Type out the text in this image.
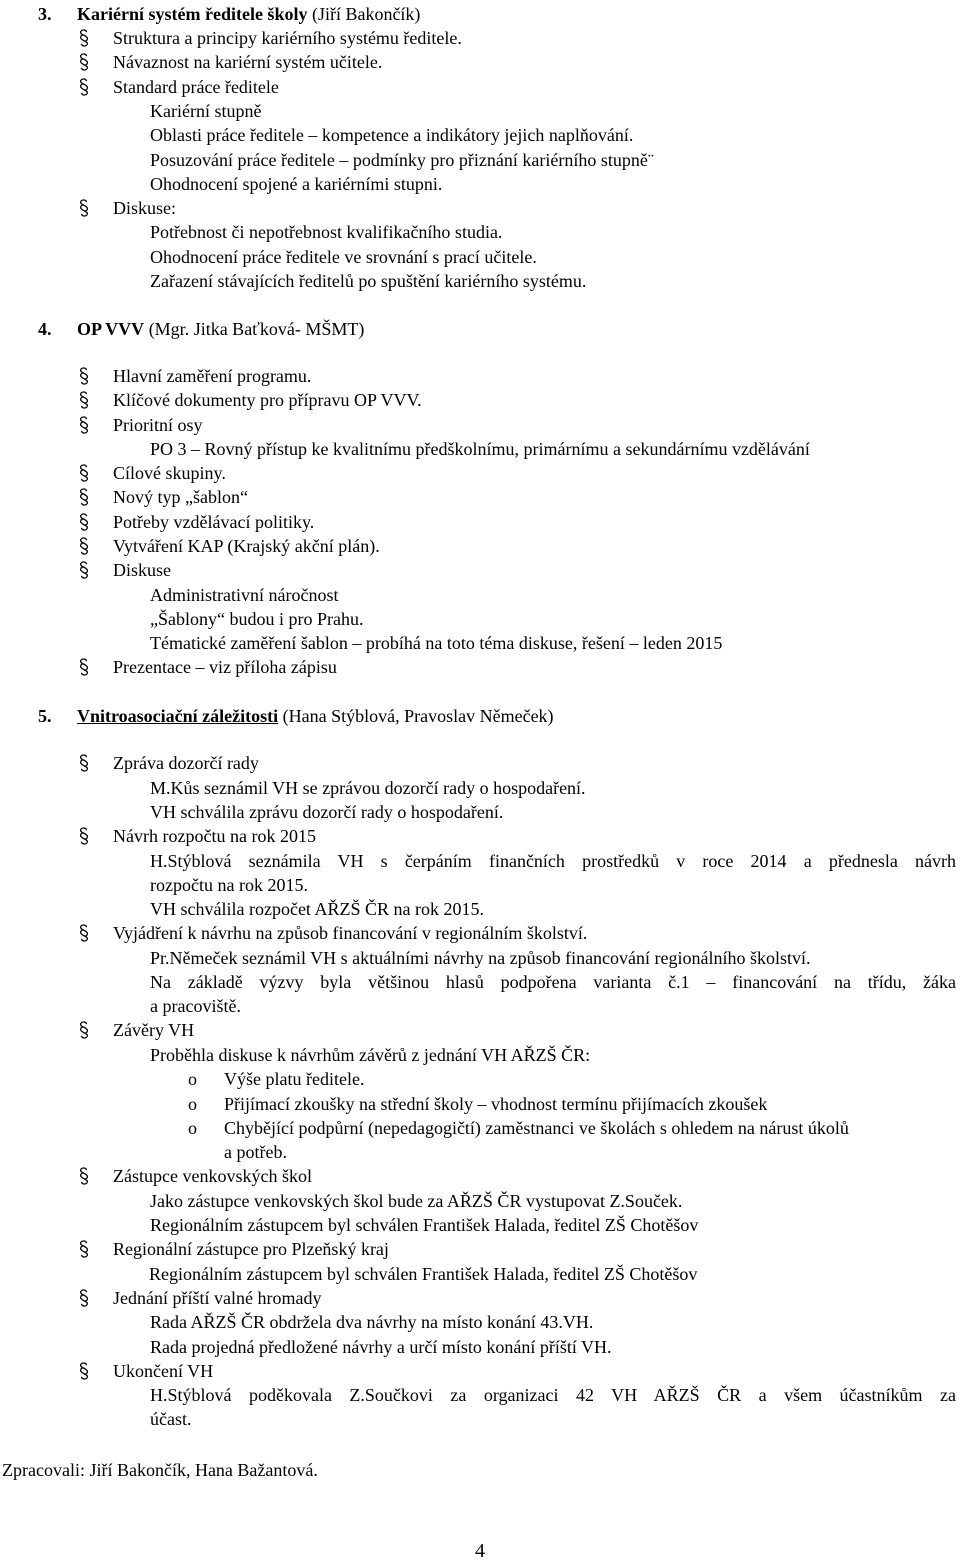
3. Kariérní systém ředitele školy (Jiří Bakončík)
Struktura a principy kariérního systému ředitele.
Návaznost na kariérní systém učitele.
Standard práce ředitele
Kariérní stupně
Oblasti práce ředitele – kompetence a indikátory jejich naplňování.
Posuzování práce ředitele – podmínky pro přiznání kariérního stupně¨
Ohodnocení spojené a kariérními stupni.
Diskuse:
Potřebnost či nepotřebnost kvalifikačního studia.
Ohodnocení práce ředitele ve srovnání s prací učitele.
Zařazení stávajících ředitelů po spuštění kariérního systému.
4. OP VVV (Mgr. Jitka Baťková- MŠMT)
Hlavní zaměření programu.
Klíčové dokumenty pro přípravu OP VVV.
Prioritní osy
PO 3 – Rovný přístup ke kvalitnímu předškolnímu, primárnímu a sekundárnímu vzdělávání
Cílové skupiny.
Nový typ „šablon“
Potřeby vzdělávací politiky.
Vytváření KAP (Krajský akční plán).
Diskuse
Administrativní náročnost
„Šablony“ budou i pro Prahu.
Tématické zaměření šablon – probíhá na toto téma diskuse, řešení – leden 2015
Prezentace – viz příloha zápisu
5. Vnitroasociační záležitosti (Hana Stýblová, Pravoslav Němeček)
Zpráva dozorčí rady
M.Kůs seznámil VH se zprávou dozorčí rady o hospodaření.
VH schválila zprávu dozorčí rady o hospodaření.
Návrh rozpočtu na rok 2015
H.Stýblová seznámila VH s čerpáním finančních prostředků v roce 2014 a přednesla návrh
rozpočtu na rok 2015.
VH schválila rozpočet AŘZŠ ČR na rok 2015.
Vyjádření k návrhu na způsob financování v regionálním školství.
Pr.Němeček seznámil VH s aktuálními návrhy na způsob financování regionálního školství.
Na základě výzvy byla většinou hlasů podpořena varianta č.1 – financování na třídu, žáka
a pracoviště.
Závěry VH
Proběhla diskuse k návrhům závěrů z jednání VH AŘZŠ ČR:
o Výše platu ředitele.
o Přijímací zkoušky na střední školy – vhodnost termínu přijímacích zkoušek
o Chybějící podpůrní (nepedagogičtí) zaměstnanci ve školách s ohledem na nárust úkolů
a potřeb.
Zástupce venkovských škol
Jako zástupce venkovských škol bude za AŘZŠ ČR vystupovat Z.Souček.
Regionálním zástupcem byl schválen František Halada, ředitel ZŠ Chotěšov
Regionální zástupce pro Plzeňský kraj
Regionálním zástupcem byl schválen František Halada, ředitel ZŠ Chotěšov
Jednání příští valné hromady
Rada AŘZŠ ČR obdržela dva návrhy na místo konání 43.VH.
Rada projedná předložené návrhy a určí místo konání příští VH.
Ukončení VH
H.Stýblová poděkovala Z.Součkovi za organizaci 42 VH AŘZŠ ČR a všem účastníkům za
účast.
Zpracovali: Jiří Bakončík, Hana Bažantová.
4
